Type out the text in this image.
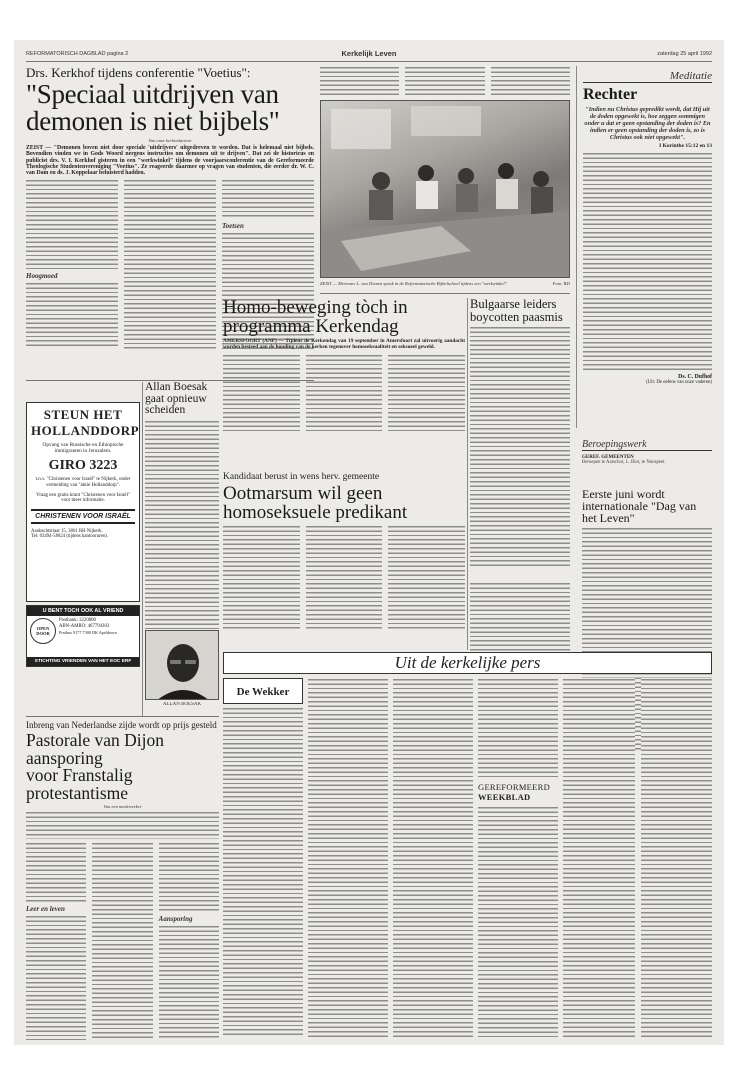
REFORMATORISCH DAGBLAD pagina 2	Kerkelijk Leven	zaterdag 25 april 1992
Drs. Kerkhof tijdens conferentie "Voetius":
"Speciaal uitdrijven van
demonen is niet bijbels"
Van onze kerkredacteur
ZEIST — "Demonen boven niet door speciale 'uitdrijvers' uitgedreven te worden. Dat is helemaal niet bijbels. Bovendien vinden we in Gods Woord nergens instructies om demonen uit te drijven". Dat zei de historicus en publicist drs. V. I. Kerkhof gisteren in een "werkwinkel" tijdens de voorjaarsconferentie van de Gereformeerde Theologische Studentenvereniging "Voetius". Ze reageerde daarmee op vragen van studenten, die eerder dr. W. C. van Dam en ds. J. Koppelaar beluisterd hadden.
Hoogmoed
Toetsen
ZEIST — Mevrouw L. van Dienen sprak in de Reformatorische Bijbelschool tijdens een "werkwinkel".	Foto: RD
Meditatie
Rechter
"Indien nu Christus gepredikt wordt, dat Hij uit de doden opgewekt is, hoe zeggen sommigen onder u dat er geen opstanding der doden is? En indien er geen opstanding der doden is, zo is Christus ook niet opgewekt".
I Korinthe 15:12 en 13
Ds. C. Dufhof
(Uit: De oefens van onze vaderen)
Beroepingswerk
GEREF. GEMEENTEN
Beroepen te Aarschot, L. Blot, te Nunspeet.
Eerste juni wordt internationale "Dag van het Leven"
Bulgaarse leiders boycotten paasmis
Homo-beweging tòch in
programma Kerkendag
AMERSFOORT (ANP) — Tijdens de Kerkendag van 19 september in Amersfoort zal uitvoerig aandacht worden besteed aan de houding van de kerken tegenover homoseksualiteit en seksueel geweld.
Allan Boesak gaat opnieuw scheiden
Kandidaat berust in wens herv. gemeente
Ootmarsum wil geen
homoseksuele predikant
STEUN HET
HOLLANDDORP
Opvang van Russische en Ethiopische immigranten in Jeruzalem.
GIRO 3223
t.n.v. "Christenen voor Israël" te Nijkerk, onder vermelding van "aktie Hollanddorp".
Vraag een gratis krant "Christenen voor Israël" voor meer informatie.
CHRISTENEN VOOR ISRAËL
Aanbachtstraat 15, 3861 RH Nijkerk.
Tel: 03494-58824 (tijdens kantooruren).
U BENT TOCH OOK AL VRIEND
OPEN DOOR
Postbank: 3220800
ABN-AMRO: 467794303
Postbus 9177 7300 DK Apeldoorn
STICHTING VRIENDEN VAN HET EOC ERF
ALLAN BOESAK
Uit de kerkelijke pers
De Wekker
GEREFORMEERD
WEEKBLAD
Inbreng van Nederlandse zijde wordt op prijs gesteld
Pastorale van Dijon aansporing
voor Franstalig protestantisme
Van een medewerker
Leer en leven
Aansporing
